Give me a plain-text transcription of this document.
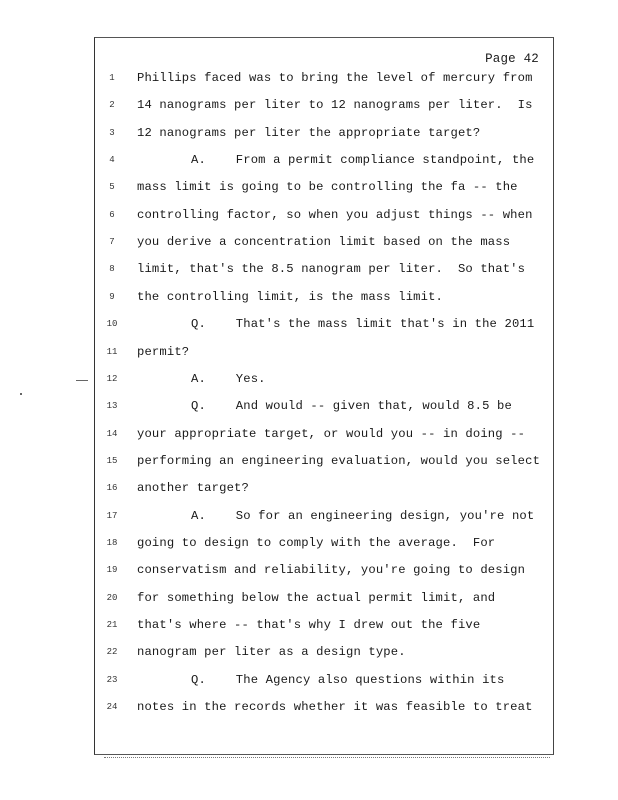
Page 42
1	Phillips faced was to bring the level of mercury from
2	14 nanograms per liter to 12 nanograms per liter.  Is
3	12 nanograms per liter the appropriate target?
4	A.    From a permit compliance standpoint, the
5	mass limit is going to be controlling the fa -- the
6	controlling factor, so when you adjust things -- when
7	you derive a concentration limit based on the mass
8	limit, that's the 8.5 nanogram per liter.  So that's
9	the controlling limit, is the mass limit.
10	Q.    That's the mass limit that's in the 2011
11 permit?
12	A.    Yes.
13	Q.    And would -- given that, would 8.5 be
14 your appropriate target, or would you -- in doing --
15 performing an engineering evaluation, would you select
16 another target?
17	A.    So for an engineering design, you're not
18 going to design to comply with the average.  For
19 conservatism and reliability, you're going to design
20 for something below the actual permit limit, and
21 that's where -- that's why I drew out the five
22 nanogram per liter as a design type.
23	Q.    The Agency also questions within its
24 notes in the records whether it was feasible to treat
